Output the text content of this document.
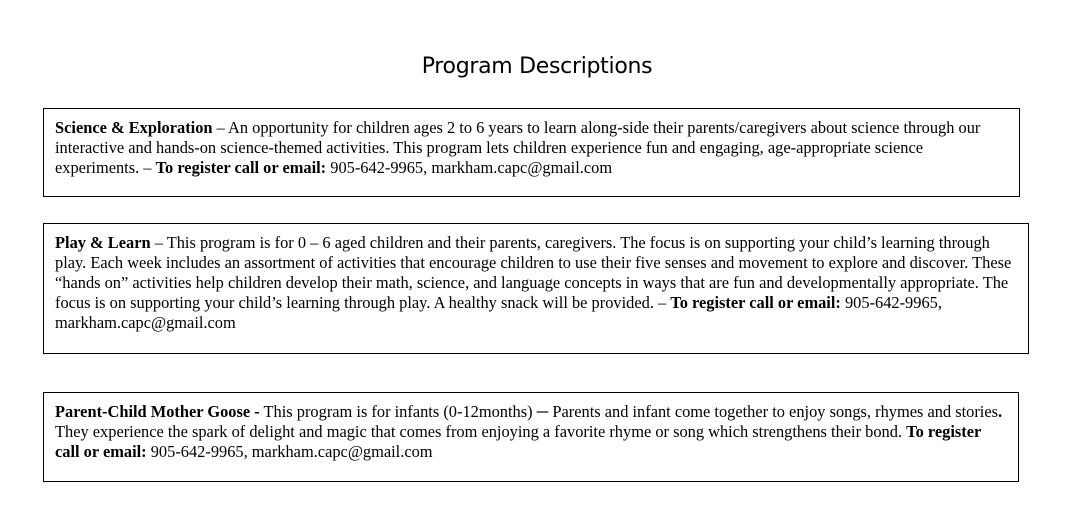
Program Descriptions

Science & Exploration – An opportunity for children ages 2 to 6 years to learn along-side their parents/caregivers about science through our interactive and hands-on science-themed activities. This program lets children experience fun and engaging, age-appropriate science experiments. – To register call or email: 905-642-9965, markham.capc@gmail.com

Play & Learn – This program is for 0 – 6 aged children and their parents, caregivers. The focus is on supporting your child’s learning through play. Each week includes an assortment of activities that encourage children to use their five senses and movement to explore and discover. These “hands on” activities help children develop their math, science, and language concepts in ways that are fun and developmentally appropriate. The focus is on supporting your child’s learning through play. A healthy snack will be provided. – To register call or email: 905-642-9965, markham.capc@gmail.com

Parent-Child Mother Goose - This program is for infants (0-12months) ─ Parents and infant come together to enjoy songs, rhymes and stories. They experience the spark of delight and magic that comes from enjoying a favorite rhyme or song which strengthens their bond. To register call or email: 905-642-9965, markham.capc@gmail.com
